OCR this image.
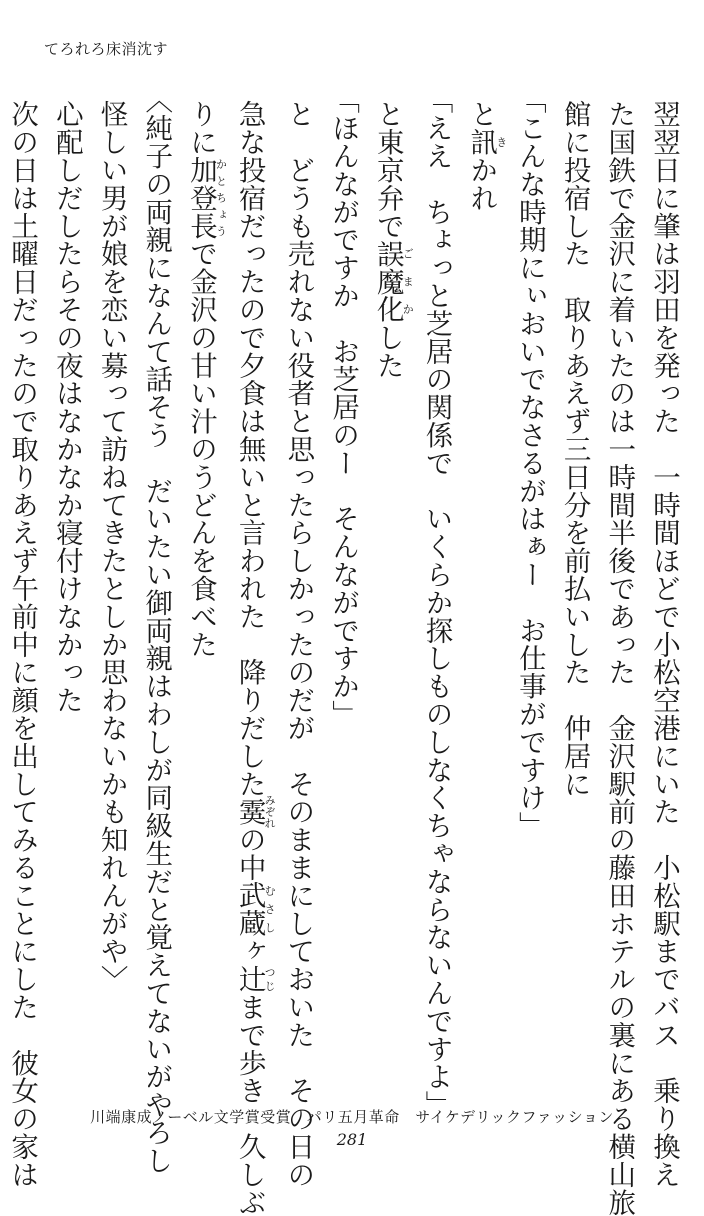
てろれろ床消沈す
翌翌日に肇は羽田を発った　一時間ほどで小松空港にいた　小松駅までバス　乗り換え
た国鉄で金沢に着いたのは一時間半後であった　金沢駅前の藤田ホテルの裏にある横山旅
館に投宿した　取りあえず三日分を前払いした　仲居に
「こんな時期にぃおいでなさるがはぁー　お仕事がですけ」
と訊きかれ
「ええ　ちょっと芝居の関係で　いくらか探しものしなくちゃならないんですよ」
と東京弁で誤魔ごま化かした
「ほんながですか　お芝居のー　そんながですか」
と　どうも売れない役者と思ったらしかったのだが　そのままにしておいた　その日の
急な投宿だったので夕食は無いと言われた　降りだした霙みぞれの中武蔵むさしヶ辻つじまで歩き　久しぶ
りに加登長かとちょうで金沢の甘い汁のうどんを食べた
〈純子の両親になんて話そう　だいたい御両親はわしが同級生だと覚えてないがやろし
怪しい男が娘を恋い募って訪ねてきたとしか思わないかも知れんがや〉
心配しだしたらその夜はなかなか寝付けなかった
次の日は土曜日だったので取りあえず午前中に顔を出してみることにした　彼女の家は	川端康成ノーベル文学賞受賞　パリ五月革命　サイケデリックファッション
281
